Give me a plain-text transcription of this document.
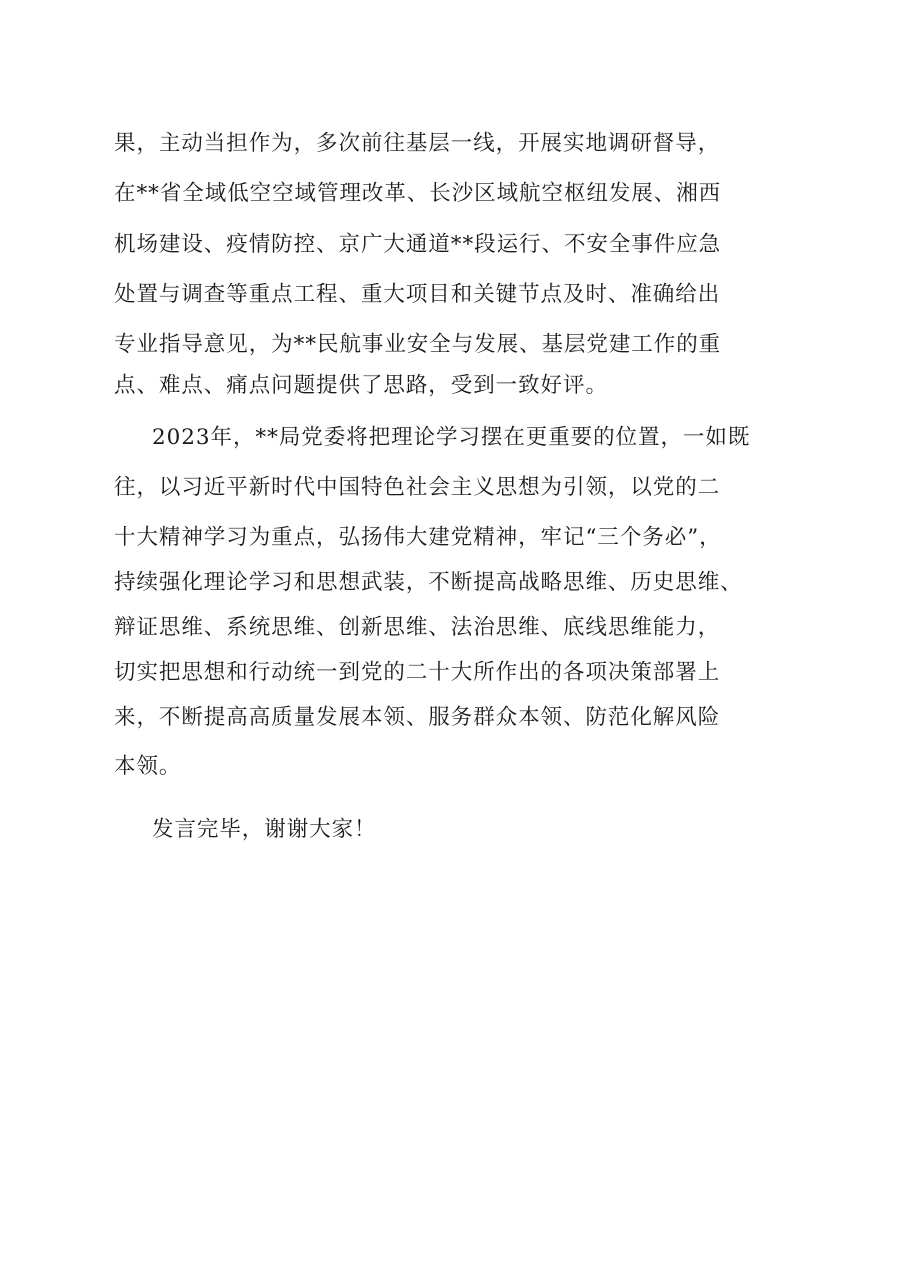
果，主动当担作为，多次前往基层一线，开展实地调研督导，
在**省全域低空空域管理改革、长沙区域航空枢纽发展、湘西
机场建设、疫情防控、京广大通道**段运行、不安全事件应急
处置与调查等重点工程、重大项目和关键节点及时、准确给出
专业指导意见，为**民航事业安全与发展、基层党建工作的重
点、难点、痛点问题提供了思路，受到一致好评。
2023年，**局党委将把理论学习摆在更重要的位置，一如既
往，以习近平新时代中国特色社会主义思想为引领，以党的二
十大精神学习为重点，弘扬伟大建党精神，牢记“三个务必”，
持续强化理论学习和思想武装，不断提高战略思维、历史思维、
辩证思维、系统思维、创新思维、法治思维、底线思维能力，
切实把思想和行动统一到党的二十大所作出的各项决策部署上
来，不断提高高质量发展本领、服务群众本领、防范化解风险
本领。
发言完毕，谢谢大家！
